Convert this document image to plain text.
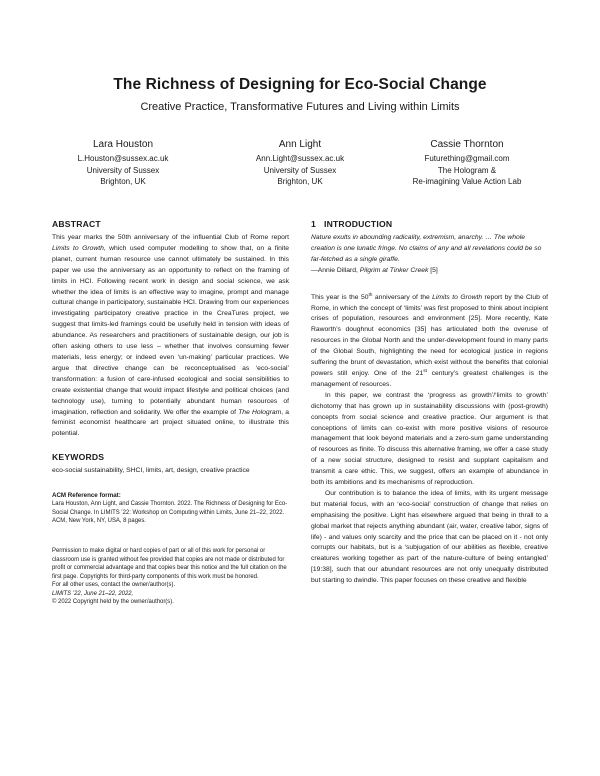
The Richness of Designing for Eco-Social Change
Creative Practice, Transformative Futures and Living within Limits
Lara Houston
L.Houston@sussex.ac.uk
University of Sussex
Brighton, UK
Ann Light
Ann.Light@sussex.ac.uk
University of Sussex
Brighton, UK
Cassie Thornton
Futurething@gmail.com
The Hologram &
Re-imagining Value Action Lab
ABSTRACT

This year marks the 50th anniversary of the influential Club of Rome report Limits to Growth, which used computer modelling to show that, on a finite planet, current human resource use cannot ultimately be sustained. In this paper we use the anniversary as an opportunity to reflect on the framing of limits in HCI. Following recent work in design and social science, we ask whether the idea of limits is an effective way to imagine, prompt and manage cultural change in participatory, sustainable HCI. Drawing from our experiences investigating participatory creative practice in the CreaTures project, we suggest that limits-led framings could be usefully held in tension with ideas of abundance. As researchers and practitioners of sustainable design, our job is often asking others to use less – whether that involves consuming fewer materials, less energy; or indeed even ‘un-making’ particular practices. We argue that directive change can be reconceptualised as ‘eco-social’ transformation: a fusion of care-infused ecological and social sensibilities to create existential change that would impact lifestyle and political choices (and technology use), turning to potentially abundant human resources of imagination, reflection and solidarity. We offer the example of The Hologram, a feminist economist healthcare art project situated online, to illustrate this potential.

KEYWORDS

eco-social sustainability, SHCI, limits, art, design, creative practice

ACM Reference format:

Lara Houston, Ann Light, and Cassie Thornton. 2022. The Richness of Designing for Eco-Social Change. In LIMITS ’22: Workshop on Computing within Limits, June 21–22, 2022. ACM, New York, NY, USA, 8 pages.

Permission to make digital or hard copies of part or all of this work for personal or classroom use is granted without fee provided that copies are not made or distributed for profit or commercial advantage and that copies bear this notice and the full citation on the first page. Copyrights for third-party components of this work must be honored.

For all other uses, contact the owner/author(s).

LIMITS ’22, June 21–22, 2022,

© 2022 Copyright held by the owner/author(s).

1 INTRODUCTION

Nature exults in abounding radicality, extremism, anarchy. … The whole creation is one lunatic fringe. No claims of any and all revelations could be so far-fetched as a single giraffe.

—Annie Dillard, Pilgrim at Tinker Creek [5]

This year is the 50th anniversary of the Limits to Growth report by the Club of Rome, in which the concept of ‘limits’ was first proposed to think about incipient crises of population, resources and environment [25]. More recently, Kate Raworth’s doughnut economics [35] has articulated both the overuse of resources in the Global North and the under-development found in many parts of the Global South, highlighting the need for ecological justice in regions suffering the brunt of devastation, which exist without the benefits that colonial powers still enjoy. One of the 21st century’s greatest challenges is the management of resources.

In this paper, we contrast the ‘progress as growth’/‘limits to growth’ dichotomy that has grown up in sustainability discussions with (post-growth) concepts from social science and creative practice. Our argument is that conceptions of limits can co-exist with more positive visions of resource management that look beyond materials and a zero-sum game understanding of resources as finite. To discuss this alternative framing, we offer a case study of a new social structure, designed to resist and supplant capitalism and transmit a care ethic. This, we suggest, offers an example of abundance in both its ambitions and its mechanisms of reproduction.

Our contribution is to balance the idea of limits, with its urgent message but material focus, with an ‘eco-social’ construction of change that relies on emphasising the positive. Light has elsewhere argued that being in thrall to a global market that rejects anything abundant (air, water, creative labor, signs of life) - and values only scarcity and the price that can be placed on it - not only corrupts our habitats, but is a ‘subjugation of our abilities as flexible, creative creatures working together as part of the nature-culture of being entangled’ [19:38], such that our abundant resources are not only unequally distributed but starting to dwindle. This paper focuses on these creative and flexible
